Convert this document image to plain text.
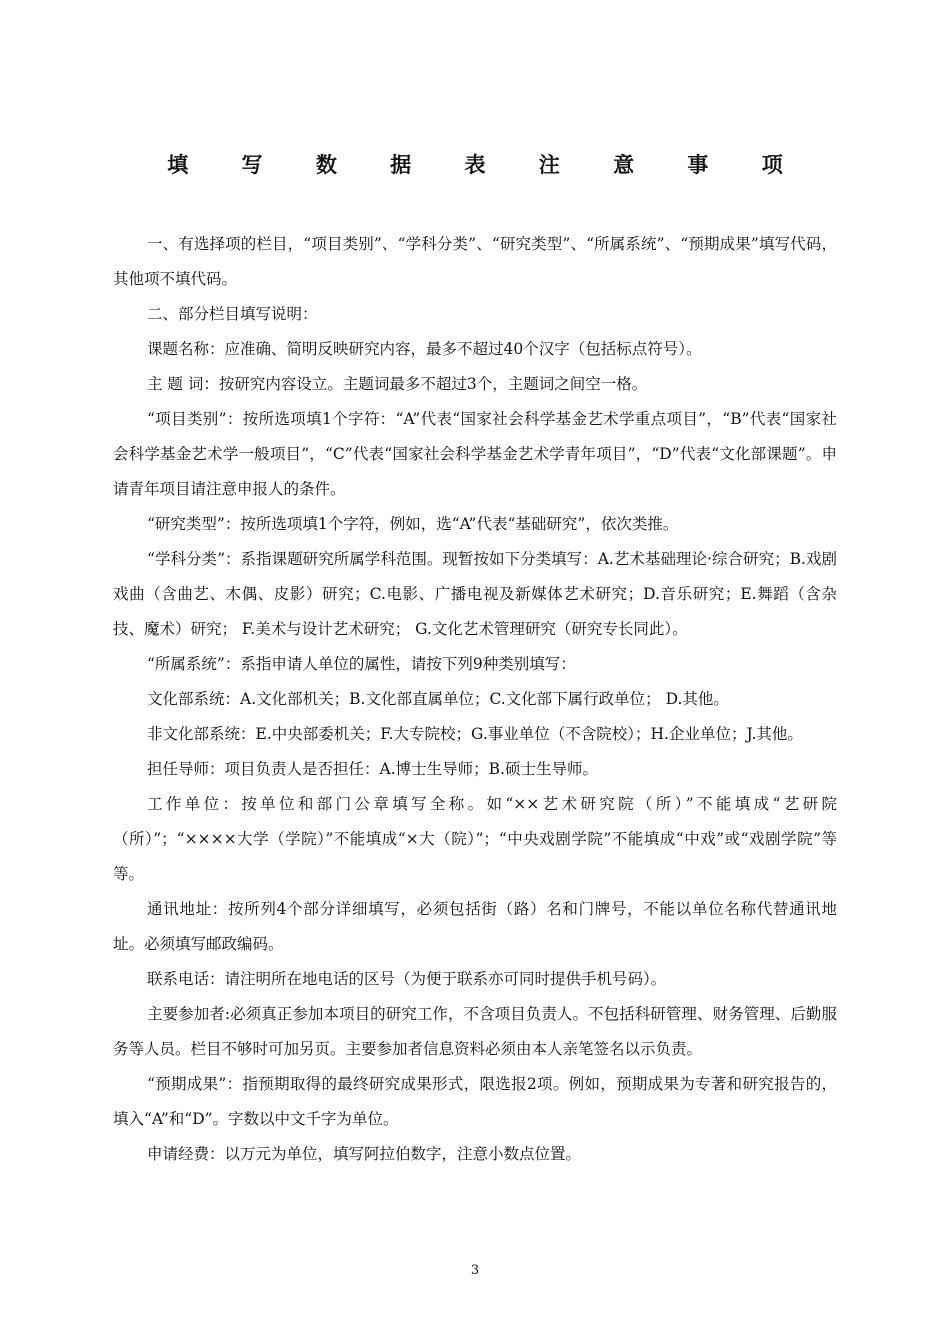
填 写 数 据 表 注 意 事 项

一、有选择项的栏目，“项目类别”、“学科分类”、“研究类型”、“所属系统”、“预期成果”填写代码，其他项不填代码。

二、部分栏目填写说明：

课题名称：应准确、简明反映研究内容，最多不超过40个汉字（包括标点符号）。

主 题 词：按研究内容设立。主题词最多不超过3个，主题词之间空一格。

“项目类别”：按所选项填1个字符：“A”代表“国家社会科学基金艺术学重点项目”，“B”代表“国家社会科学基金艺术学一般项目”，“C”代表“国家社会科学基金艺术学青年项目”，“D”代表“文化部课题”。申请青年项目请注意申报人的条件。

“研究类型”：按所选项填1个字符，例如，选“A”代表“基础研究”，依次类推。

“学科分类”：系指课题研究所属学科范围。现暂按如下分类填写：A.艺术基础理论·综合研究；B.戏剧戏曲（含曲艺、木偶、皮影）研究；C.电影、广播电视及新媒体艺术研究；D.音乐研究；E.舞蹈（含杂技、魔术）研究； F.美术与设计艺术研究； G.文化艺术管理研究（研究专长同此）。

“所属系统”：系指申请人单位的属性，请按下列9种类别填写：

文化部系统：A.文化部机关；B.文化部直属单位；C.文化部下属行政单位； D.其他。

非文化部系统：E.中央部委机关；F.大专院校；G.事业单位（不含院校）；H.企业单位；J.其他。

担任导师：项目负责人是否担任：A.博士生导师；B.硕士生导师。

工作单位：按单位和部门公章填写全称。如“××艺术研究院（所）”不能填成“艺研院（所）”；“××××大学（学院）”不能填成“×大（院）”；“中央戏剧学院”不能填成“中戏”或“戏剧学院”等等。

通讯地址：按所列4个部分详细填写，必须包括街（路）名和门牌号，不能以单位名称代替通讯地址。必须填写邮政编码。

联系电话：请注明所在地电话的区号（为便于联系亦可同时提供手机号码）。

主要参加者:必须真正参加本项目的研究工作，不含项目负责人。不包括科研管理、财务管理、后勤服务等人员。栏目不够时可加另页。主要参加者信息资料必须由本人亲笔签名以示负责。

“预期成果”：指预期取得的最终研究成果形式，限选报2项。例如，预期成果为专著和研究报告的，填入“A”和“D”。字数以中文千字为单位。

申请经费：以万元为单位，填写阿拉伯数字，注意小数点位置。

3
